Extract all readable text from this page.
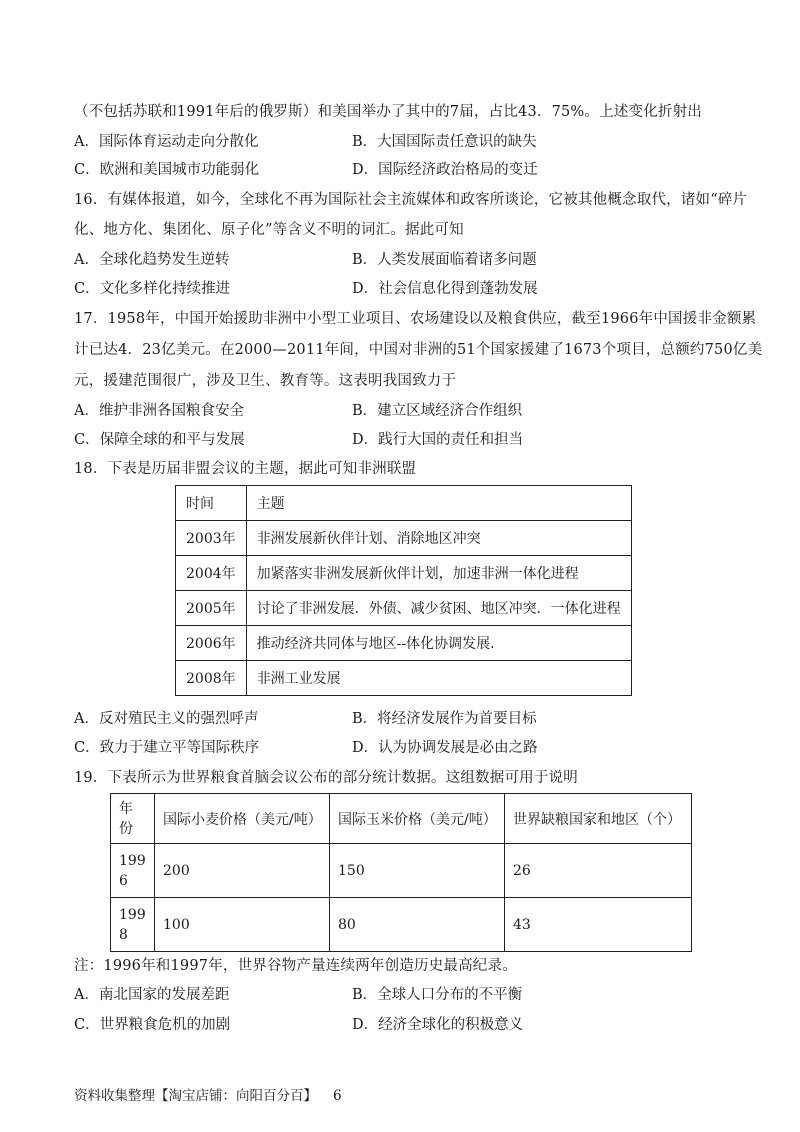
（不包括苏联和1991年后的俄罗斯）和美国举办了其中的7届，占比43．75%。上述变化折射出
A．国际体育运动走向分散化	B．大国国际责任意识的缺失
C．欧洲和美国城市功能弱化	D．国际经济政治格局的变迁
16．有媒体报道，如今，全球化不再为国际社会主流媒体和政客所谈论，它被其他概念取代，诸如“碎片
化、地方化、集团化、原子化”等含义不明的词汇。据此可知
A．全球化趋势发生逆转	B．人类发展面临着诸多问题
C．文化多样化持续推进	D．社会信息化得到蓬勃发展
17．1958年，中国开始援助非洲中小型工业项目、农场建设以及粮食供应，截至1966年中国援非金额累
计已达4．23亿美元。在2000—2011年间，中国对非洲的51个国家援建了1673个项目，总额约750亿美
元，援建范围很广，涉及卫生、教育等。这表明我国致力于
A．维护非洲各国粮食安全	B．建立区域经济合作组织
C．保障全球的和平与发展	D．践行大国的责任和担当
18．下表是历届非盟会议的主题，据此可知非洲联盟
时间	主题
2003年	非洲发展新伙伴计划、消除地区冲突
2004年	加紧落实非洲发展新伙伴计划，加速非洲一体化进程
2005年	讨论了非洲发展．外债、减少贫困、地区冲突．一体化进程
2006年	推动经济共同体与地区--体化协调发展.
2008年	非洲工业发展
A．反对殖民主义的强烈呼声	B．将经济发展作为首要目标
C．致力于建立平等国际秩序	D．认为协调发展是必由之路
19．下表所示为世界粮食首脑会议公布的部分统计数据。这组数据可用于说明
年份	国际小麦价格（美元/吨）	国际玉米价格（美元/吨）	世界缺粮国家和地区（个）
1996	200	150	26
1998	100	80	43
注：1996年和1997年，世界谷物产量连续两年创造历史最高纪录。
A．南北国家的发展差距	B．全球人口分布的不平衡
C．世界粮食危机的加剧	D．经济全球化的积极意义
资料收集整理【淘宝店铺：向阳百分百】 6
